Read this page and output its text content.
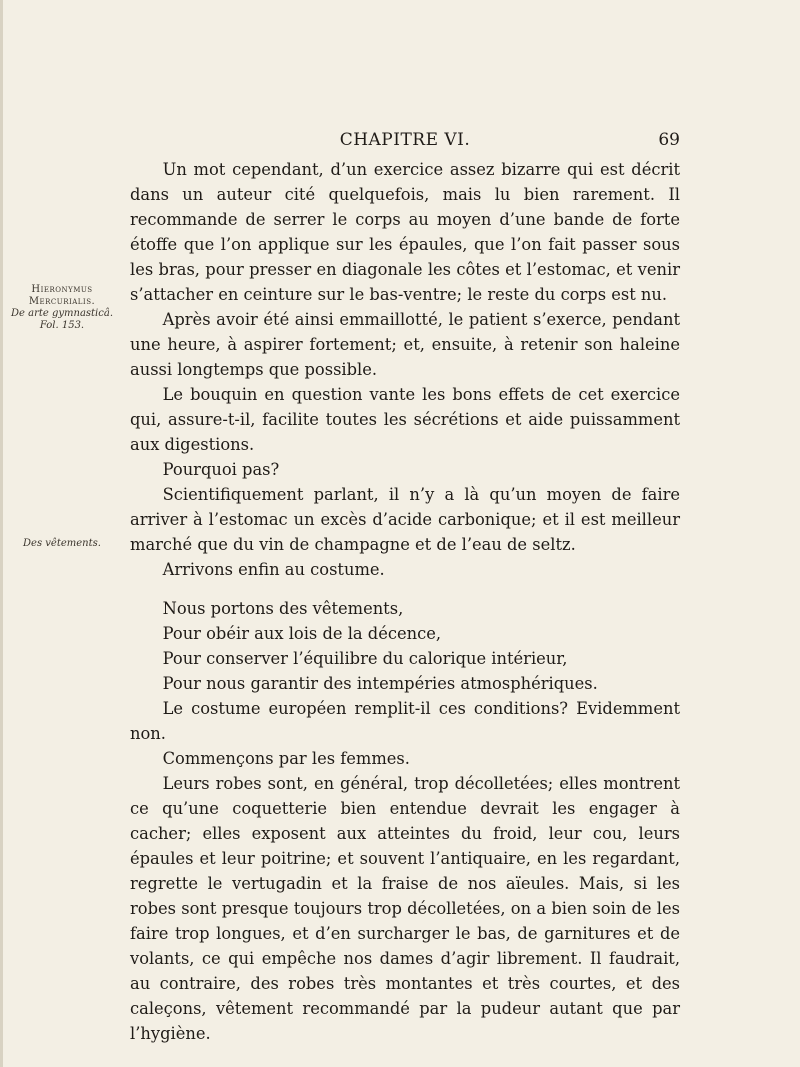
CHAPITRE VI.	69
Hieronymus
Mercurialis.
De arte gymnasticâ.
Fol. 153.
Des vêtements.

Un mot cependant, d’un exercice assez bizarre qui est décrit dans un auteur cité quelquefois, mais lu bien rarement. Il recommande de serrer le corps au moyen d’une bande de forte étoffe que l’on applique sur les épaules, que l’on fait passer sous les bras, pour presser en diagonale les côtes et l’estomac, et venir s’attacher en ceinture sur le bas-ventre; le reste du corps est nu.

Après avoir été ainsi emmaillotté, le patient s’exerce, pendant une heure, à aspirer fortement; et, ensuite, à retenir son haleine aussi longtemps que possible.

Le bouquin en question vante les bons effets de cet exercice qui, assure-t-il, facilite toutes les sécrétions et aide puissamment aux digestions.

Pourquoi pas?

Scientifiquement parlant, il n’y a là qu’un moyen de faire arriver à l’estomac un excès d’acide carbonique; et il est meilleur marché que du vin de champagne et de l’eau de seltz.

Arrivons enfin au costume.

Nous portons des vêtements,

Pour obéir aux lois de la décence,

Pour conserver l’équilibre du calorique intérieur,

Pour nous garantir des intempéries atmosphériques.

Le costume européen remplit-il ces conditions? Evidemment non.

Commençons par les femmes.

Leurs robes sont, en général, trop décolletées; elles montrent ce qu’une coquetterie bien entendue devrait les engager à cacher; elles exposent aux atteintes du froid, leur cou, leurs épaules et leur poitrine; et souvent l’antiquaire, en les regardant, regrette le vertugadin et la fraise de nos aïeules. Mais, si les robes sont presque toujours trop décolletées, on a bien soin de les faire trop longues, et d’en surcharger le bas, de garnitures et de volants, ce qui empêche nos dames d’agir librement. Il faudrait, au contraire, des robes très montantes et très courtes, et des caleçons, vêtement recommandé par la pudeur autant que par l’hygiène.
